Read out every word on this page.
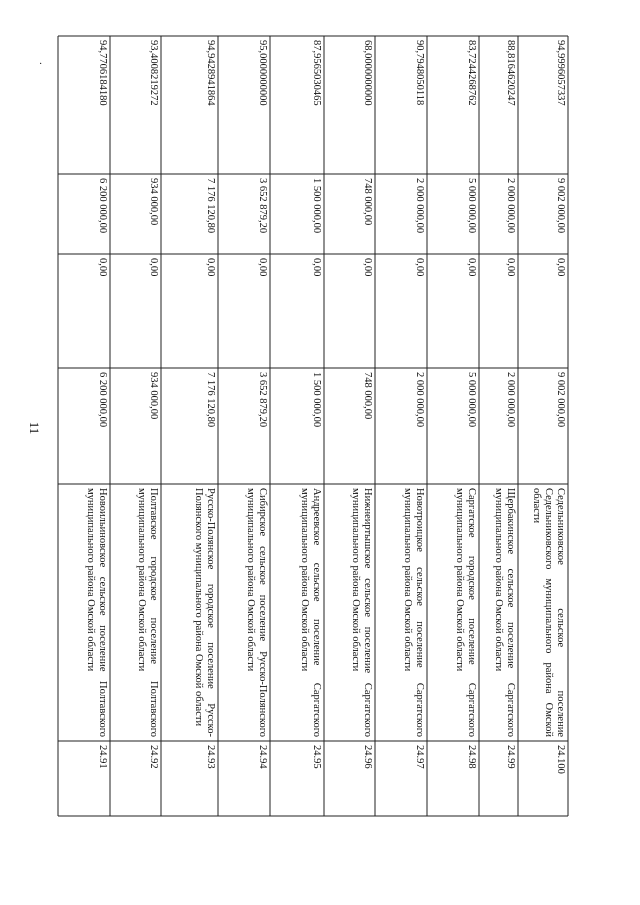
·
11
94,7706184180
6 200 000,00
0,00
6 200 000,00
Новоильиновское сельское поселение Полтавского муниципального района Омской области
24.91
93,4008219272
934 000,00
0,00
934 000,00
Полтавское городское поселение Полтавского муниципального района Омской области
24.92
94,9428941864
7 176 120,80
0,00
7 176 120,80
Русско-Полянское городское поселение Русско-Полянского муниципального района Омской области
24.93
95,0000000000
3 652 879,20
0,00
3 652 879,20
Сибирское сельское поселение Русско-Полянского муниципального района Омской области
24.94
87,9565030465
1 500 000,00
0,00
1 500 000,00
Андреевское сельское поселение Саргатского муниципального района Омской области
24.95
68,0000000000
748 000,00
0,00
748 000,00
Нижнеиртышское сельское поселение Саргатского муниципального района Омской области
24.96
90,7948050118
2 000 000,00
0,00
2 000 000,00
Новотроицкое сельское поселение Саргатского муниципального района Омской области
24.97
83,7244268762
5 000 000,00
0,00
5 000 000,00
Саргатское городское поселение Саргатского муниципального района Омской области
24.98
88,8164620247
2 000 000,00
0,00
2 000 000,00
Щербакинское сельское поселение Саргатского муниципального района Омской области
24.99
94,9996057337
9 002 000,00
0,00
9 002 000,00
Седельниковское сельское поселение Седельниковского муниципального района Омской области
24.100
